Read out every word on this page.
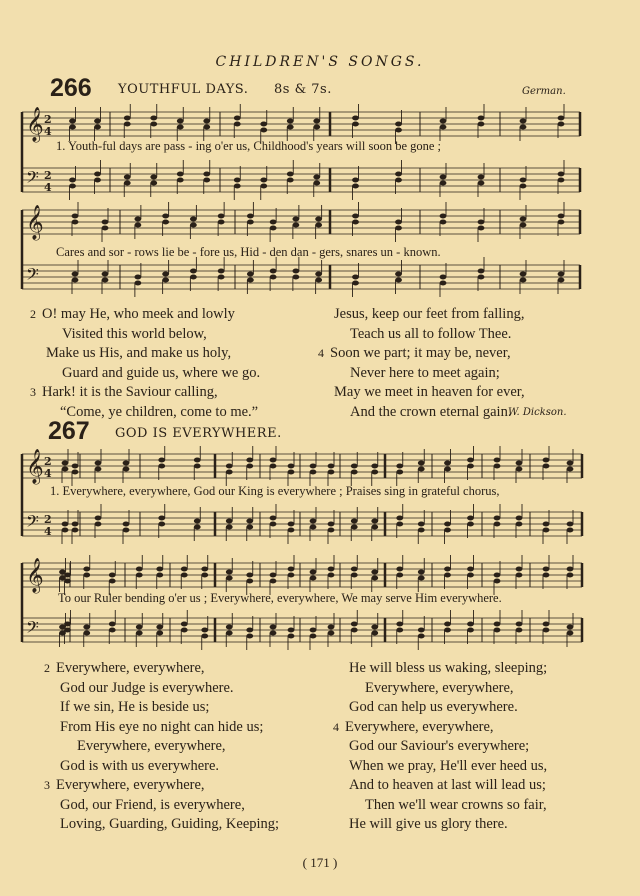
CHILDREN'S SONGS.
266 YOUTHFUL DAYS. 8s & 7s.	German.
𝄞 2
4
𝄢 2
4
𝄞
𝄢
𝄞 2
4
𝄢 2
4
𝄞
𝄢
1. Youth-ful days are pass - ing o'er us, Childhood's years will soon be gone ;
Cares and sor - rows lie be - fore us, Hid - den dan - gers, snares un - known.
2 O! may He, who meek and lowly
Visited this world below,
Make us His, and make us holy,
Guard and guide us, where we go.
3 Hark! it is the Saviour calling,
“Come, ye children, come to me.”
Jesus, keep our feet from falling,
Teach us all to follow Thee.
4 Soon we part; it may be, never,
Never here to meet again;
May we meet in heaven for ever,
And the crown eternal gain.
W. Dickson.
267 GOD IS EVERYWHERE.
1. Everywhere, everywhere, God our King is everywhere ; Praises sing in grateful chorus,
To our Ruler bending o'er us ; Everywhere, everywhere, We may serve Him everywhere.
2 Everywhere, everywhere,
God our Judge is everywhere.
If we sin, He is beside us;
From His eye no night can hide us;
Everywhere, everywhere,
God is with us everywhere.
3 Everywhere, everywhere,
God, our Friend, is everywhere,
Loving, Guarding, Guiding, Keeping;
He will bless us waking, sleeping;
Everywhere, everywhere,
God can help us everywhere.
4 Everywhere, everywhere,
God our Saviour's everywhere;
When we pray, He'll ever heed us,
And to heaven at last will lead us;
Then we'll wear crowns so fair,
He will give us glory there.
( 171 )
